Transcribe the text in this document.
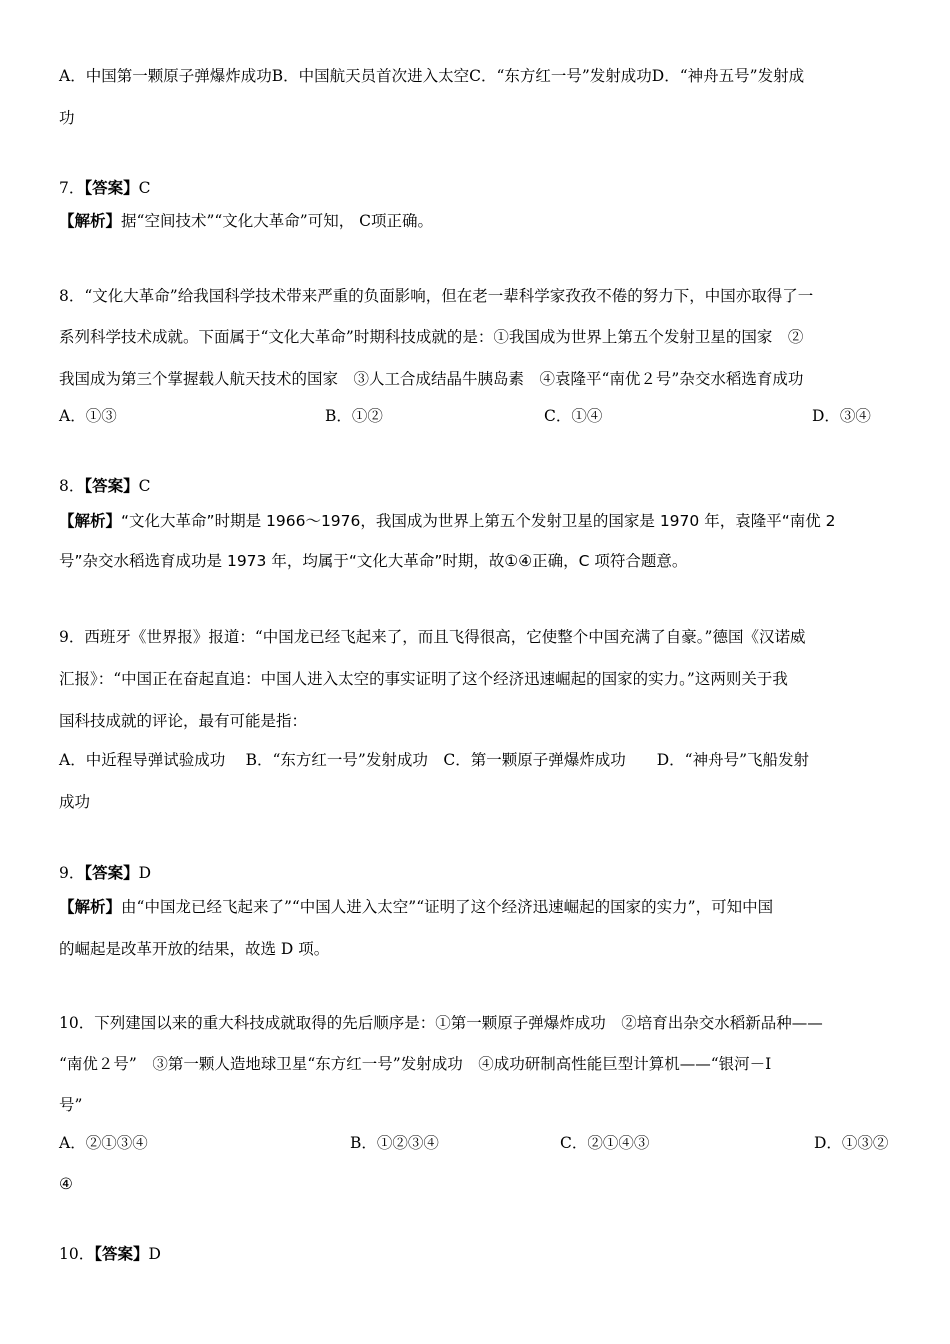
A．中国第一颗原子弹爆炸成功B．中国航天员首次进入太空C．“东方红一号”发射成功D．“神舟五号”发射成
功
7．【答案】C
【解析】据“空间技术”“文化大革命”可知， C项正确。
8．“文化大革命”给我国科学技术带来严重的负面影响，但在老一辈科学家孜孜不倦的努力下，中国亦取得了一
系列科学技术成就。下面属于“文化大革命”时期科技成就的是：①我国成为世界上第五个发射卫星的国家　②
我国成为第三个掌握载人航天技术的国家　③人工合成结晶牛胰岛素　④袁隆平“南优２号”杂交水稻选育成功
A．①③	B．①②	C．①④	D．③④
8．【答案】C
【解析】“文化大革命”时期是 1966～1976，我国成为世界上第五个发射卫星的国家是 1970 年，袁隆平“南优 2
号”杂交水稻选育成功是 1973 年，均属于“文化大革命”时期，故①④正确，C 项符合题意。
9．西班牙《世界报》报道：“中国龙已经飞起来了，而且飞得很高，它使整个中国充满了自豪。”德国《汉诺威
汇报》：“中国正在奋起直追：中国人进入太空的事实证明了这个经济迅速崛起的国家的实力。”这两则关于我
国科技成就的评论，最有可能是指：
A．中近程导弹试验成功　 B．“东方红一号”发射成功　C．第一颗原子弹爆炸成功　　D．“神舟号”飞船发射
成功
9．【答案】D
【解析】由“中国龙已经飞起来了”“中国人进入太空”“证明了这个经济迅速崛起的国家的实力”，可知中国
的崛起是改革开放的结果，故选 D 项。
10．下列建国以来的重大科技成就取得的先后顺序是：①第一颗原子弹爆炸成功　②培育出杂交水稻新品种——
“南优２号”　③第一颗人造地球卫星“东方红一号”发射成功　④成功研制高性能巨型计算机——“银河－Ⅰ
号”
A．②①③④	B．①②③④	C．②①④③	D．①③②
④
10．【答案】D
